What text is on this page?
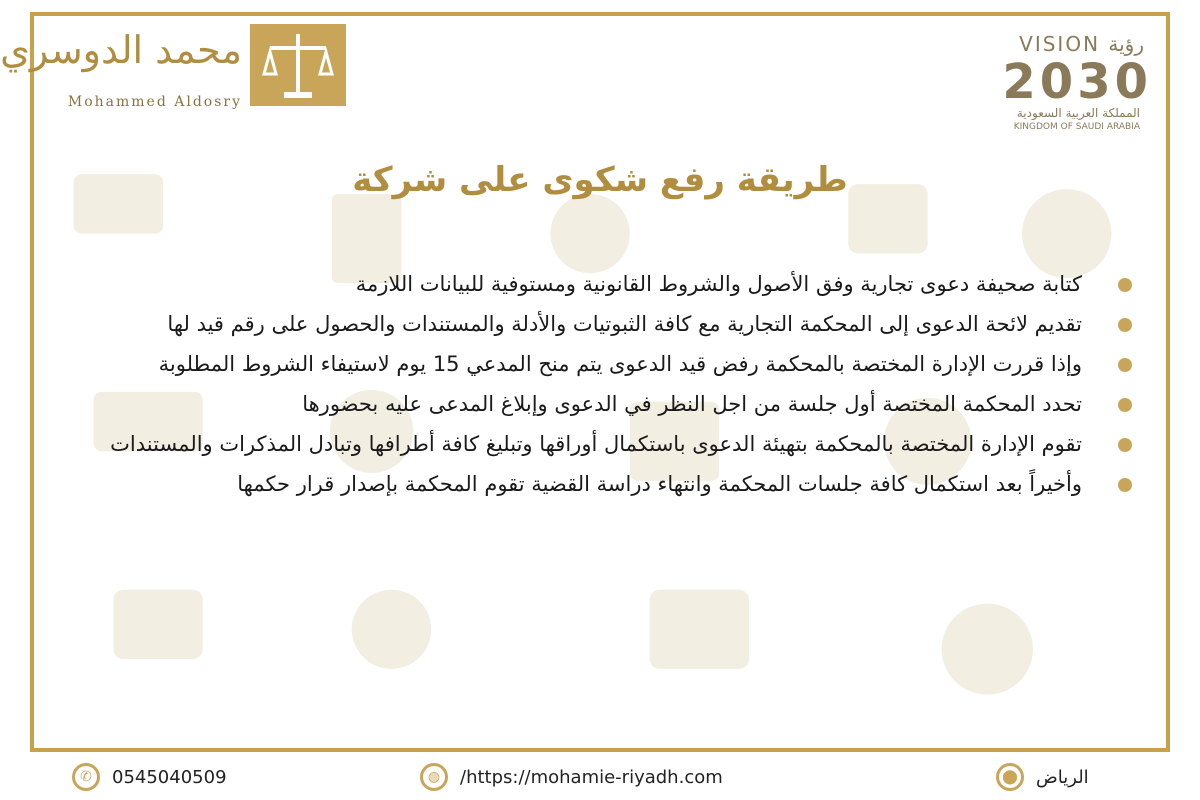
محمد الدوسري
Mohammed Aldosry
VISION رؤية
2030
المملكة العربية السعودية
KINGDOM OF SAUDI ARABIA
طريقة رفع شكوى على شركة
كتابة صحيفة دعوى تجارية وفق الأصول والشروط القانونية ومستوفية للبيانات اللازمة
تقديم لائحة الدعوى إلى المحكمة التجارية مع كافة الثبوتيات والأدلة والمستندات والحصول على رقم قيد لها
وإذا قررت الإدارة المختصة بالمحكمة رفض قيد الدعوى يتم منح المدعي 15 يوم لاستيفاء الشروط المطلوبة
تحدد المحكمة المختصة أول جلسة من اجل النظر في الدعوى وإبلاغ المدعى عليه بحضورها
تقوم الإدارة المختصة بالمحكمة بتهيئة الدعوى باستكمال أوراقها وتبليغ كافة أطرافها وتبادل المذكرات والمستندات
وأخيراً بعد استكمال كافة جلسات المحكمة وانتهاء دراسة القضية تقوم المحكمة بإصدار قرار حكمها
✆	0545040509	◍	/https://mohamie-riyadh.com	⬤	الرياض
